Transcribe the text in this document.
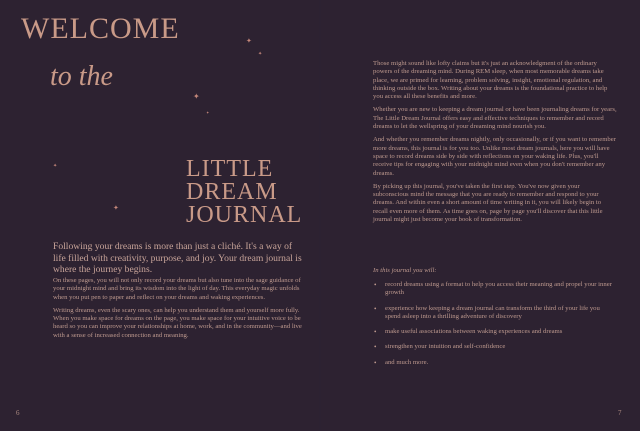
WELCOME
to the
✦
✦
✦
✦
✦
✦
LITTLE
DREAM
JOURNAL

Following your dreams is more than just a cliché. It's a way of life filled with creativity, purpose, and joy. Your dream journal is where the journey begins.

On these pages, you will not only record your dreams but also tune into the sage guidance of your midnight mind and bring its wisdom into the light of day. This everyday magic unfolds when you put pen to paper and reflect on your dreams and waking experiences.

Writing dreams, even the scary ones, can help you understand them and yourself more fully. When you make space for dreams on the page, you make space for your intuitive voice to be heard so you can improve your relationships at home, work, and in the community—and live with a sense of increased connection and meaning.

6	7

Those might sound like lofty claims but it's just an acknowledgment of the ordinary powers of the dreaming mind. During REM sleep, when most memorable dreams take place, we are primed for learning, problem solving, insight, emotional regulation, and thinking outside the box. Writing about your dreams is the foundational practice to help you access all these benefits and more.

Whether you are new to keeping a dream journal or have been journaling dreams for years, The Little Dream Journal offers easy and effective techniques to remember and record dreams to let the wellspring of your dreaming mind nourish you.

And whether you remember dreams nightly, only occasionally, or if you want to remember more dreams, this journal is for you too. Unlike most dream journals, here you will have space to record dreams side by side with reflections on your waking life. Plus, you'll receive tips for engaging with your midnight mind even when you don't remember any dreams.

By picking up this journal, you've taken the first step. You've now given your subconscious mind the message that you are ready to remember and respond to your dreams. And within even a short amount of time writing in it, you will likely begin to recall even more of them. As time goes on, page by page you'll discover that this little journal might just become your book of transformation.

In this journal you will:
• record dreams using a format to help you access their meaning and propel your inner growth
• experience how keeping a dream journal can transform the third of your life you spend asleep into a thrilling adventure of discovery
• make useful associations between waking experiences and dreams
• strengthen your intuition and self-confidence
• and much more.
